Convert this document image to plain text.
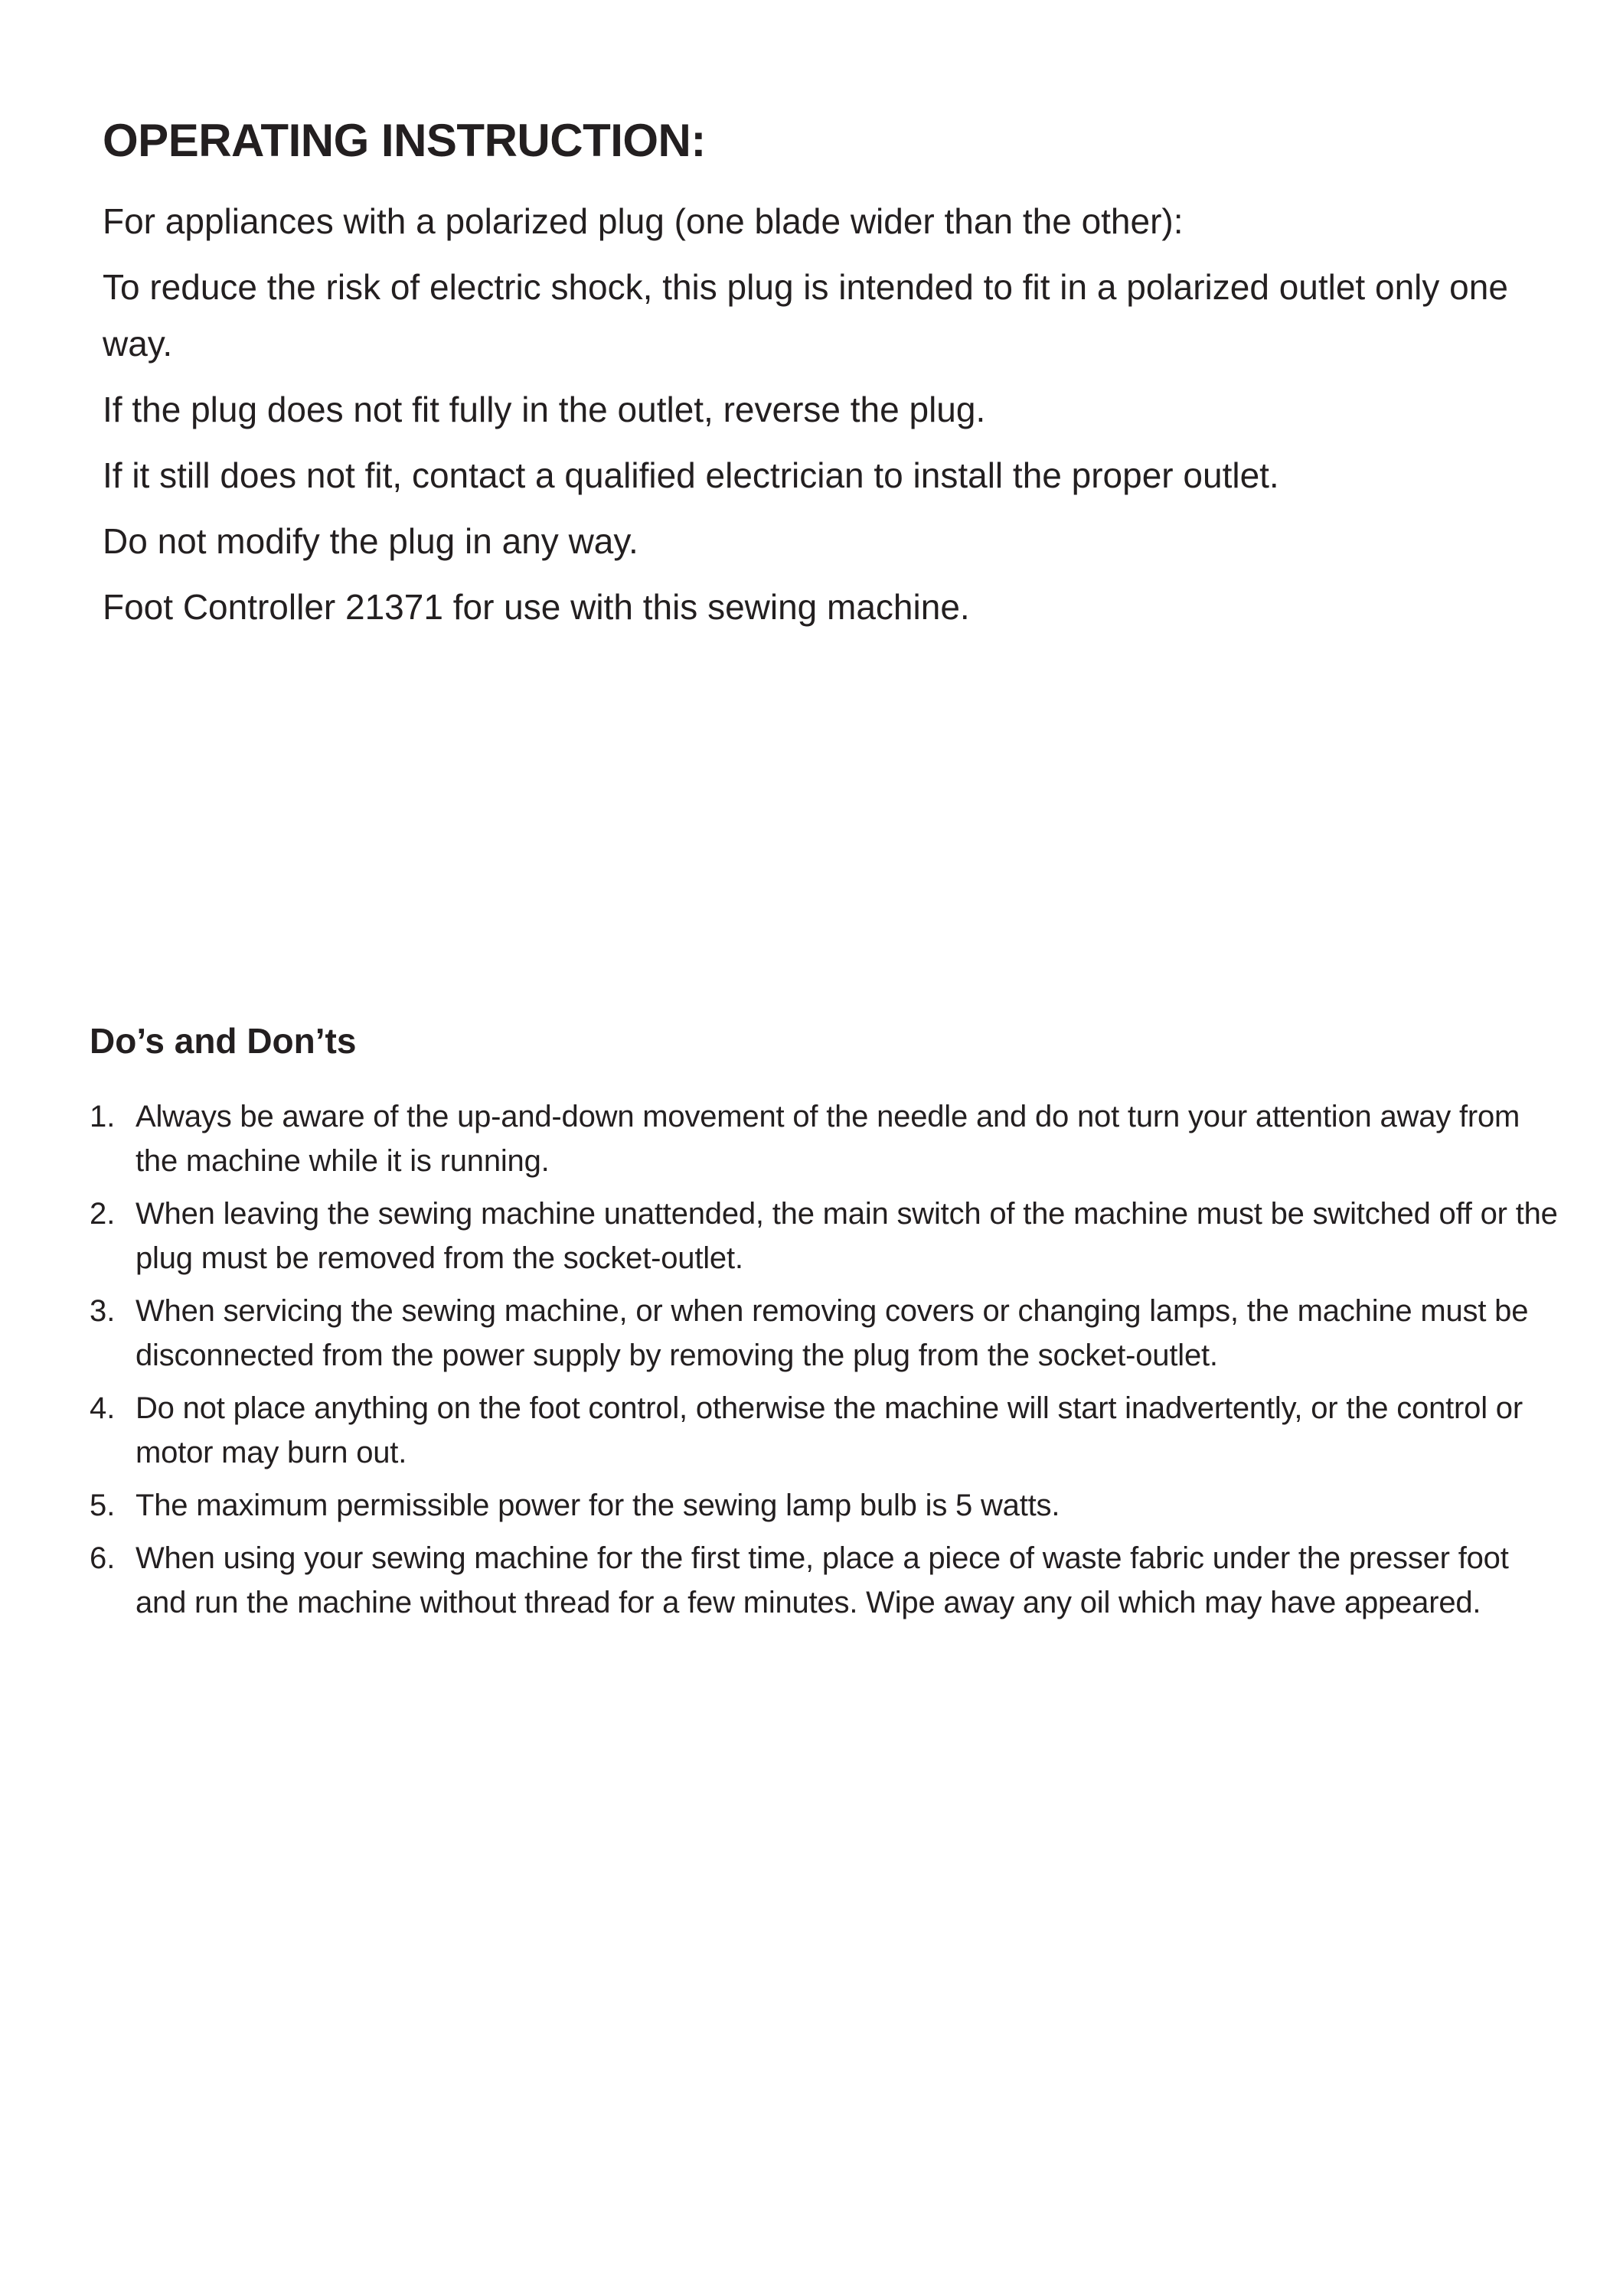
OPERATING INSTRUCTION:

For appliances with a polarized plug (one blade wider than the other):

To reduce the risk of electric shock, this plug is intended to fit in a polarized outlet only one way.

If the plug does not fit fully in the outlet, reverse the plug.

If it still does not fit, contact a qualified electrician to install the proper outlet.

Do not modify the plug in any way.

Foot Controller 21371 for use with this sewing machine.

Do’s and Don’ts
1. Always be aware of the up-and-down movement of the needle and do not turn your attention away from the machine while it is running.
2. When leaving the sewing machine unattended, the main switch of the machine must be switched off or the plug must be removed from the socket-outlet.
3. When servicing the sewing machine, or when removing covers or changing lamps, the machine must be disconnected from the power supply by removing the plug from the socket-outlet.
4. Do not place anything on the foot control, otherwise the machine will start inadvertently, or the control or motor may burn out.
5. The maximum permissible power for the sewing lamp bulb is 5 watts.
6. When using your sewing machine for the first time, place a piece of waste fabric under the presser foot and run the machine without thread for a few minutes. Wipe away any oil which may have appeared.
